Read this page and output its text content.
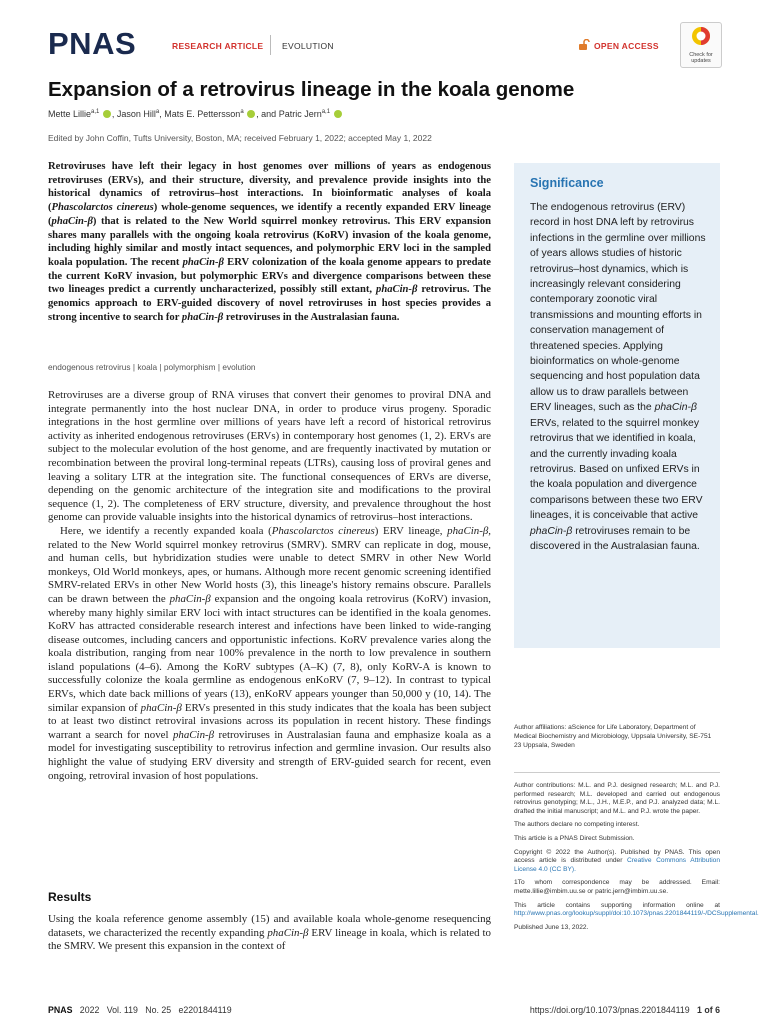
PNAS	RESEARCH ARTICLE EVOLUTION	OPEN ACCESS
Check for updates
Expansion of a retrovirus lineage in the koala genome
Mette Lillie$^{a,1}$ , Jason Hill$^a$, Mats E. Pettersson$^a$ , and Patric Jern$^{a,1}$
Edited by John Coffin, Tufts University, Boston, MA; received February 1, 2022; accepted May 1, 2022
Retroviruses have left their legacy in host genomes over millions of years as endogenous retroviruses (ERVs), and their structure, diversity, and prevalence provide insights into the historical dynamics of retrovirus–host interactions. In bioinformatic analyses of koala (Phascolarctos cinereus) whole-genome sequences, we identify a recently expanded ERV lineage (phaCin-β) that is related to the New World squirrel monkey retrovirus. This ERV expansion shares many parallels with the ongoing koala retrovirus (KoRV) invasion of the koala genome, including highly similar and mostly intact sequences, and polymorphic ERV loci in the sampled koala population. The recent phaCin-β ERV colonization of the koala genome appears to predate the current KoRV invasion, but polymorphic ERVs and divergence comparisons between these two lineages predict a currently uncharacterized, possibly still extant, phaCin-β retrovirus. The genomics approach to ERV-guided discovery of novel retroviruses in host species provides a strong incentive to search for phaCin-β retroviruses in the Australasian fauna.
endogenous retrovirus | koala | polymorphism | evolution

Retroviruses are a diverse group of RNA viruses that convert their genomes to proviral DNA and integrate permanently into the host nuclear DNA, in order to produce virus progeny. Sporadic integrations in the host germline over millions of years have left a record of historical retrovirus activity as inherited endogenous retroviruses (ERVs) in contemporary host genomes (1, 2). ERVs are subject to the molecular evolution of the host genome, and are frequently inactivated by mutation or recombination between the proviral long-terminal repeats (LTRs), causing loss of proviral genes and leaving a solitary LTR at the integration site. The functional consequences of ERVs are diverse, depending on the genomic architecture of the integration site and modifications to the proviral sequence (1, 2). The completeness of ERV structure, diversity, and prevalence throughout the host genome can provide valuable insights into the historical dynamics of retrovirus–host interactions.

Here, we identify a recently expanded koala (Phascolarctos cinereus) ERV lineage, phaCin-β, related to the New World squirrel monkey retrovirus (SMRV). SMRV can replicate in dog, mouse, and human cells, but hybridization studies were unable to detect SMRV in other New World monkeys, Old World monkeys, apes, or humans. Although more recent genomic screening identified SMRV-related ERVs in other New World hosts (3), this lineage's history remains obscure. Parallels can be drawn between the phaCin-β expansion and the ongoing koala retrovirus (KoRV) invasion, whereby many highly similar ERV loci with intact structures can be identified in the koala genomes. KoRV has attracted considerable research interest and infections have been linked to wide-ranging disease outcomes, including cancers and opportunistic infections. KoRV prevalence varies along the koala distribution, ranging from near 100% prevalence in the north to low prevalence in southern island populations (4–6). Among the KoRV subtypes (A–K) (7, 8), only KoRV-A is known to successfully colonize the koala germline as endogenous enKoRV (7, 9–12). In contrast to typical ERVs, which date back millions of years (13), enKoRV appears younger than 50,000 y (10, 14). The similar expansion of phaCin-β ERVs presented in this study indicates that the koala has been subject to at least two distinct retroviral invasions across its population in recent history. These findings warrant a search for novel phaCin-β retroviruses in Australasian fauna and emphasize koala as a model for investigating susceptibility to retrovirus infection and germline invasion. Our results also highlight the value of studying ERV diversity and strength of ERV-guided search for recent, even ongoing, retroviral invasion of host populations.

Results
Using the koala reference genome assembly (15) and available koala whole-genome resequencing datasets, we characterized the recently expanding phaCin-β ERV lineage in koala, which is related to the SMRV. We present this expansion in the context of
Significance
The endogenous retrovirus (ERV) record in host DNA left by retrovirus infections in the germline over millions of years allows studies of historic retrovirus–host dynamics, which is increasingly relevant considering contemporary zoonotic viral transmissions and mounting efforts in conservation management of threatened species. Applying bioinformatics on whole-genome sequencing and host population data allow us to draw parallels between ERV lineages, such as the phaCin-β ERVs, related to the squirrel monkey retrovirus that we identified in koala, and the currently invading koala retrovirus. Based on unfixed ERVs in the koala population and divergence comparisons between these two ERV lineages, it is conceivable that active phaCin-β retroviruses remain to be discovered in the Australasian fauna.
Author affiliations: aScience for Life Laboratory, Department of Medical Biochemistry and Microbiology, Uppsala University, SE-751 23 Uppsala, Sweden

Author contributions: M.L. and P.J. designed research; M.L. and P.J. performed research; M.L. developed and carried out endogenous retrovirus genotyping; M.L., J.H., M.E.P., and P.J. analyzed data; M.L. drafted the initial manuscript; and M.L. and P.J. wrote the paper.

The authors declare no competing interest.

This article is a PNAS Direct Submission.

Copyright © 2022 the Author(s). Published by PNAS. This open access article is distributed under Creative Commons Attribution License 4.0 (CC BY).

1To whom correspondence may be addressed. Email: mette.lillie@imbim.uu.se or patric.jern@imbim.uu.se.

This article contains supporting information online at http://www.pnas.org/lookup/suppl/doi:10.1073/pnas.2201844119/-/DCSupplemental.

Published June 13, 2022.

PNAS 2022 Vol. 119 No. 25 e2201844119	https://doi.org/10.1073/pnas.2201844119 1 of 6
